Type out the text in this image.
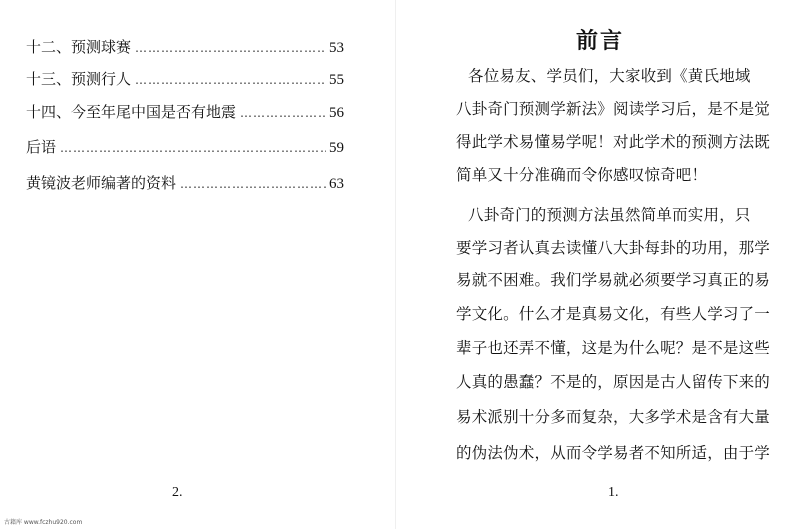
十二、预测球赛 ……………………………………………………………………………………	53
十三、预测行人 ……………………………………………………………………………………	55
十四、今至年尾中国是否有地震 ……………………………………………………………………………………	56
后语 ……………………………………………………………………………………	59
黄镜波老师编著的资料 ……………………………………………………………………………………	63
2.
前言
各位易友、学员们，大家收到《黄氏地域
八卦奇门预测学新法》阅读学习后，是不是觉
得此学术易懂易学呢！对此学术的预测方法既
简单又十分准确而令你感叹惊奇吧！
八卦奇门的预测方法虽然简单而实用，只
要学习者认真去读懂八大卦每卦的功用，那学
易就不困难。我们学易就必须要学习真正的易
学文化。什么才是真易文化，有些人学习了一
辈子也还弄不懂，这是为什么呢？是不是这些
人真的愚蠢？不是的，原因是古人留传下来的
易术派别十分多而复杂，大多学术是含有大量
的伪法伪术，从而令学易者不知所适，由于学
1.
古籍库 www.fczhu920.com
